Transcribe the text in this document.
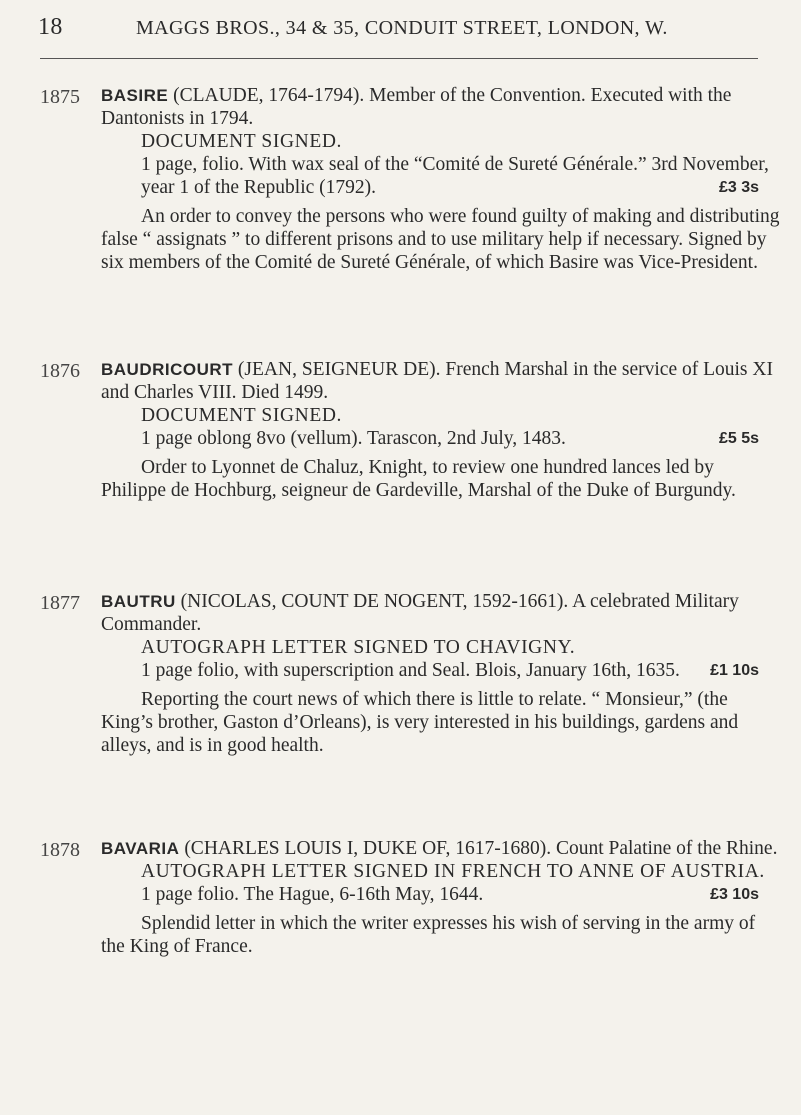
18	MAGGS BROS., 34 & 35, CONDUIT STREET, LONDON, W.
1875 BASIRE (CLAUDE, 1764-1794). Member of the Convention. Executed with the Dantonists in 1794.

DOCUMENT SIGNED.

1 page, folio. With wax seal of the “Comité de Sureté Générale.” 3rd November, year 1 of the Republic (1792).	£3 3s

An order to convey the persons who were found guilty of making and distributing false “ assignats ” to different prisons and to use military help if necessary. Signed by six members of the Comité de Sureté Générale, of which Basire was Vice-President.

1876 BAUDRICOURT (JEAN, SEIGNEUR DE). French Marshal in the service of Louis XI and Charles VIII. Died 1499.

DOCUMENT SIGNED.

1 page oblong 8vo (vellum). Tarascon, 2nd July, 1483.	£5 5s

Order to Lyonnet de Chaluz, Knight, to review one hundred lances led by Philippe de Hochburg, seigneur de Gardeville, Marshal of the Duke of Burgundy.

1877 BAUTRU (NICOLAS, COUNT DE NOGENT, 1592-1661). A celebrated Military Commander.

AUTOGRAPH LETTER SIGNED TO CHAVIGNY.

1 page folio, with superscription and Seal. Blois, January 16th, 1635. £1 10s

Reporting the court news of which there is little to relate. “ Monsieur,” (the King’s brother, Gaston d’Orleans), is very interested in his buildings, gardens and alleys, and is in good health.

1878 BAVARIA (CHARLES LOUIS I, DUKE OF, 1617-1680). Count Palatine of the Rhine.

AUTOGRAPH LETTER SIGNED IN FRENCH TO ANNE OF AUSTRIA.

1 page folio. The Hague, 6-16th May, 1644.	£3 10s

Splendid letter in which the writer expresses his wish of serving in the army of the King of France.
